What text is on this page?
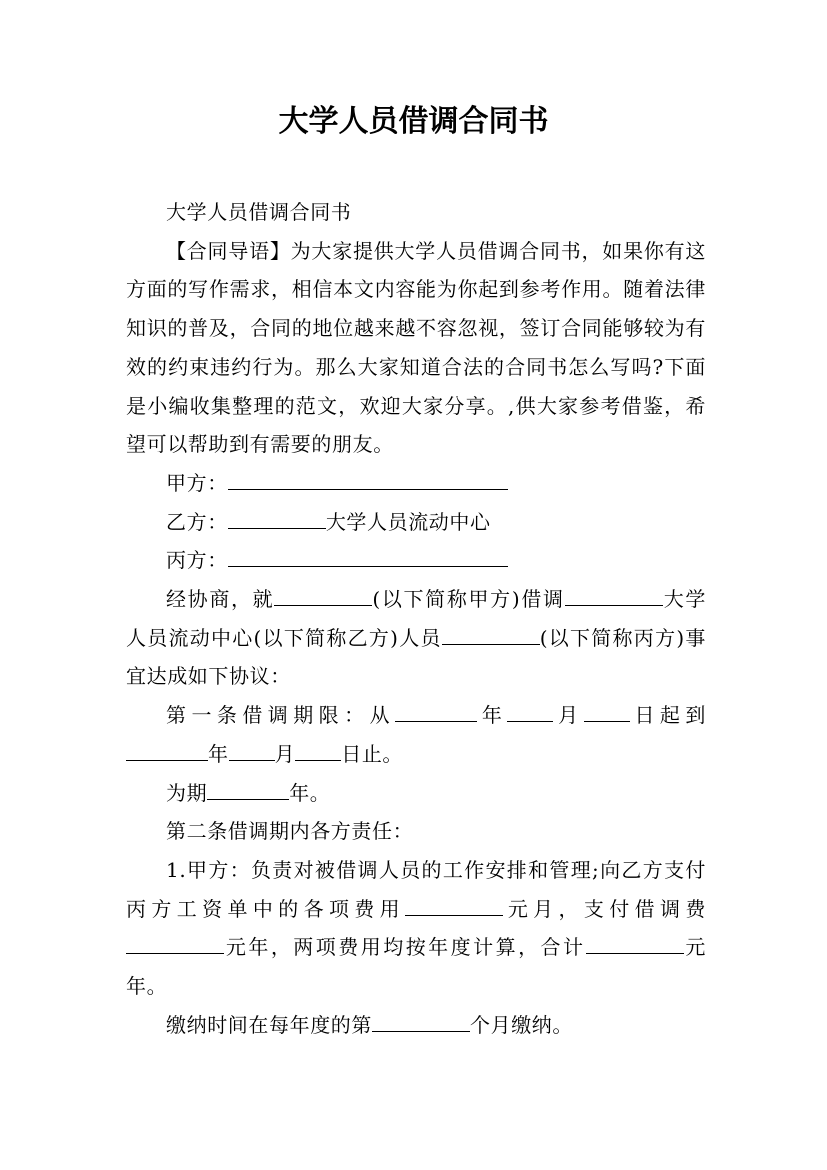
大学人员借调合同书

大学人员借调合同书

【合同导语】为大家提供大学人员借调合同书，如果你有这方面的写作需求，相信本文内容能为你起到参考作用。随着法律知识的普及，合同的地位越来越不容忽视，签订合同能够较为有效的约束违约行为。那么大家知道合法的合同书怎么写吗?下面是小编收集整理的范文，欢迎大家分享。,供大家参考借鉴，希望可以帮助到有需要的朋友。

甲方：

乙方：	大学人员流动中心

丙方：

经协商，就	(以下简称甲方)借调	大学人员流动中心(以下简称乙方)人员	(以下简称丙方)事宜达成如下协议：

第一条借调期限：从	年 月 日起到年 月 日止。

为期	年。

第二条借调期内各方责任：

1.甲方：负责对被借调人员的工作安排和管理;向乙方支付丙方工资单中的各项费用	元月，支付借调费元年，两项费用均按年度计算，合计	元年。

缴纳时间在每年度的第	个月缴纳。
